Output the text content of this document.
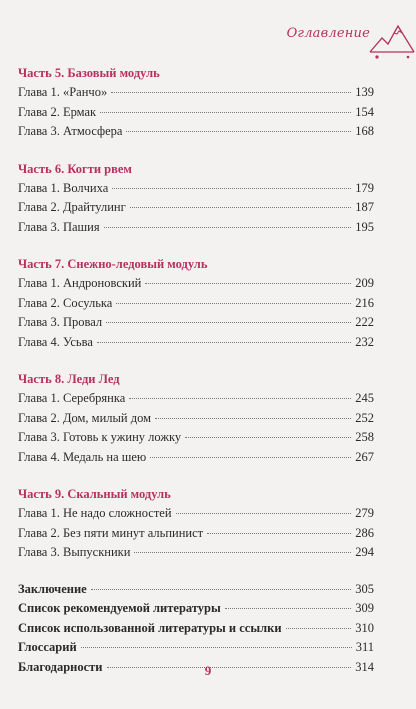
Оглавление
Часть 5. Базовый модуль
Глава 1. «Ранчо»	139
Глава 2. Ермак	154
Глава 3. Атмосфера	168
Часть 6. Когти рвем
Глава 1. Волчиха	179
Глава 2. Драйтулинг	187
Глава 3. Пашия	195
Часть 7. Снежно-ледовый модуль
Глава 1. Андроновский	209
Глава 2. Сосулька	216
Глава 3. Провал	222
Глава 4. Усьва	232
Часть 8. Леди Лед
Глава 1. Серебрянка	245
Глава 2. Дом, милый дом	252
Глава 3. Готовь к ужину ложку	258
Глава 4. Медаль на шею	267
Часть 9. Скальный модуль
Глава 1. Не надо сложностей	279
Глава 2. Без пяти минут альпинист	286
Глава 3. Выпускники	294
Заключение	305
Список рекомендуемой литературы	309
Список использованной литературы и ссылки	310
Глоссарий	311
Благодарности	314
9
